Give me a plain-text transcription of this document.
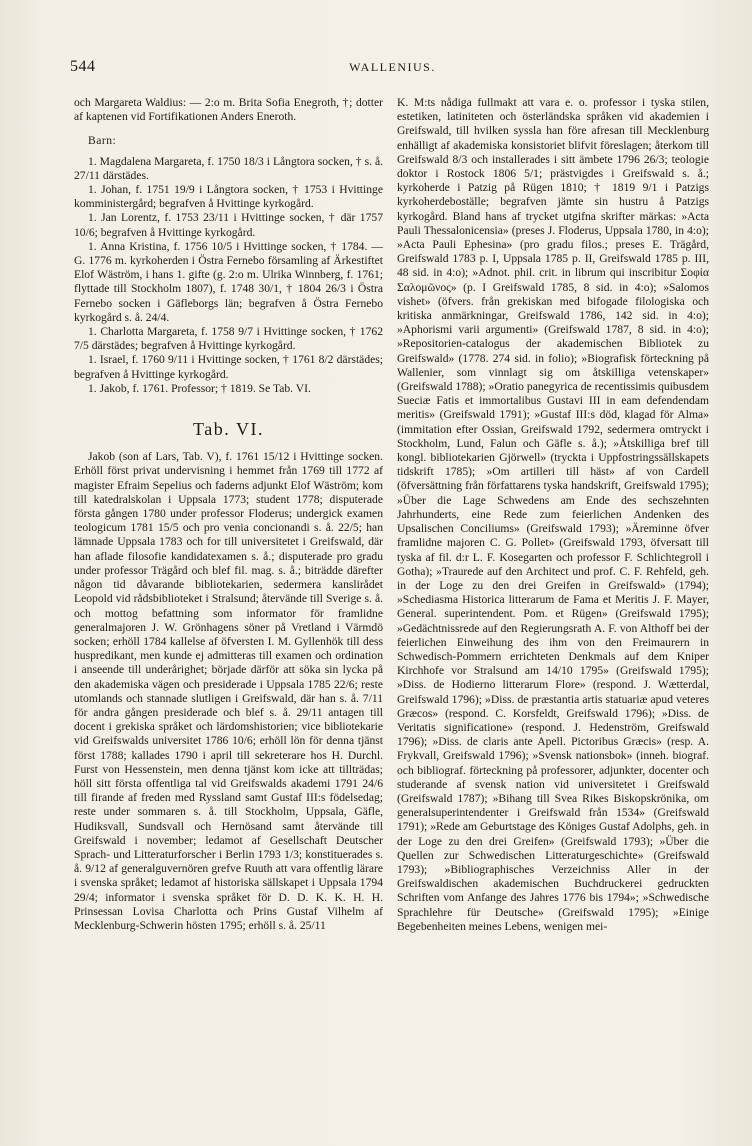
544	WALLENIUS.

och Margareta Waldius: — 2:o m. Brita Sofia Enegroth, †; dotter af kaptenen vid Fortifikationen Anders Eneroth.

Barn:

1. Magdalena Margareta, f. 1750 18/3 i Långtora socken, † s. å. 27/11 därstädes.

1. Johan, f. 1751 19/9 i Långtora socken, † 1753 i Hvittinge komministergård; begrafven å Hvittinge kyrkogård.

1. Jan Lorentz, f. 1753 23/11 i Hvittinge socken, † där 1757 10/6; begrafven å Hvittinge kyrkogård.

1. Anna Kristina, f. 1756 10/5 i Hvittinge socken, † 1784. — G. 1776 m. kyrkoherden i Östra Fernebo församling af Ärkestiftet Elof Wäström, i hans 1. gifte (g. 2:o m. Ulrika Winnberg, f. 1761; flyttade till Stockholm 1807), f. 1748 30/1, † 1804 26/3 i Östra Fernebo socken i Gäfleborgs län; begrafven å Östra Fernebo kyrkogård s. å. 24/4.

1. Charlotta Margareta, f. 1758 9/7 i Hvittinge socken, † 1762 7/5 därstädes; begrafven å Hvittinge kyrkogård.

1. Israel, f. 1760 9/11 i Hvittinge socken, † 1761 8/2 därstädes; begrafven å Hvittinge kyrkogård.

1. Jakob, f. 1761. Professor; † 1819. Se Tab. VI.

Tab. VI.

Jakob (son af Lars, Tab. V), f. 1761 15/12 i Hvittinge socken. Erhöll först privat undervisning i hemmet från 1769 till 1772 af magister Efraim Sepelius och faderns adjunkt Elof Wäström; kom till katedralskolan i Uppsala 1773; student 1778; disputerade första gången 1780 under professor Floderus; undergick examen teologicum 1781 15/5 och pro venia concionandi s. å. 22/5; han lämnade Uppsala 1783 och for till universitetet i Greifswald, där han aflade filosofie kandidatexamen s. å.; disputerade pro gradu under professor Trägård och blef fil. mag. s. å.; biträdde därefter någon tid dåvarande bibliotekarien, sedermera kanslirådet Leopold vid rådsbiblioteket i Stralsund; återvände till Sverige s. å. och mottog befattning som informator för framlidne generalmajoren J. W. Grönhagens söner på Vretland i Värmdö socken; erhöll 1784 kallelse af öfversten I. M. Gyllenhök till dess huspredikant, men kunde ej admitteras till examen och ordination i anseende till underårighet; började därför att söka sin lycka på den akademiska vägen och presiderade i Uppsala 1785 22/6; reste utomlands och stannade slutligen i Greifswald, där han s. å. 7/11 för andra gången presiderade och blef s. å. 29/11 antagen till docent i grekiska språket och lärdomshistorien; vice bibliotekarie vid Greifswalds universitet 1786 10/6; erhöll lön för denna tjänst först 1788; kallades 1790 i april till sekreterare hos H. Durchl. Furst von Hessenstein, men denna tjänst kom icke att tillträdas; höll sitt första offentliga tal vid Greifswalds akademi 1791 24/6 till firande af freden med Ryssland samt Gustaf III:s födelsedag; reste under sommaren s. å. till Stockholm, Uppsala, Gäfle, Hudiksvall, Sundsvall och Hernösand samt återvände till Greifswald i november; ledamot af Gesellschaft Deutscher Sprach- und Litteraturforscher i Berlin 1793 1/3; konstituerades s. å. 9/12 af generalguvernören grefve Ruuth att vara offentlig lärare i svenska språket; ledamot af historiska sällskapet i Uppsala 1794 29/4; informator i svenska språket för D. D. K. K. H. H. Prinsessan Lovisa Charlotta och Prins Gustaf Vilhelm af Mecklenburg-Schwerin hösten 1795; erhöll s. å. 25/11

K. M:ts nådiga fullmakt att vara e. o. professor i tyska stilen, estetiken, latiniteten och österländska språken vid akademien i Greifswald, till hvilken syssla han före afresan till Mecklenburg enhälligt af akademiska konsistoriet blifvit föreslagen; återkom till Greifswald 8/3 och installerades i sitt ämbete 1796 26/3; teologie doktor i Rostock 1806 5/1; prästvigdes i Greifswald s. å.; kyrkoherde i Patzig på Rügen 1810; † 1819 9/1 i Patzigs kyrkoherdeboställe; begrafven jämte sin hustru å Patzigs kyrkogård. Bland hans af trycket utgifna skrifter märkas: »Acta Pauli Thessalonicensia» (preses J. Floderus, Uppsala 1780, in 4:o); »Acta Pauli Ephesina» (pro gradu filos.; preses E. Trägård, Greifswald 1783 p. I, Uppsala 1785 p. II, Greifswald 1785 p. III, 48 sid. in 4:o); »Adnot. phil. crit. in librum qui inscribitur Σοφία Σαλομῶνος» (p. I Greifswald 1785, 8 sid. in 4:o); »Salomos vishet» (öfvers. från grekiskan med bifogade filologiska och kritiska anmärkningar, Greifswald 1786, 142 sid. in 4:o); »Aphorismi varii argumenti» (Greifswald 1787, 8 sid. in 4:o); »Repositorien-catalogus der akademischen Bibliotek zu Greifswald» (1778. 274 sid. in folio); »Biografisk förteckning på Wallenier, som vinnlagt sig om åtskilliga vetenskaper» (Greifswald 1788); »Oratio panegyrica de recentissimis quibusdem Sueciæ Fatis et immortalibus Gustavi III in eam defendendam meritis» (Greifswald 1791); »Gustaf III:s död, klagad för Alma» (immitation efter Ossian, Greifswald 1792, sedermera omtryckt i Stockholm, Lund, Falun och Gäfle s. å.); »Åtskilliga bref till kongl. bibliotekarien Gjörwell» (tryckta i Uppfostringssällskapets tidskrift 1785); »Om artilleri till häst» af von Cardell (öfversättning från författarens tyska handskrift, Greifswald 1795); »Über die Lage Schwedens am Ende des sechszehnten Jahrhunderts, eine Rede zum feierlichen Andenken des Upsalischen Conciliums» (Greifswald 1793); »Äreminne öfver framlidne majoren C. G. Pollet» (Greifswald 1793, öfversatt till tyska af fil. d:r L. F. Kosegarten och professor F. Schlichtegroll i Gotha); »Traurede auf den Architect und prof. C. F. Rehfeld, geh. in der Loge zu den drei Greifen in Greifswald» (1794); »Schediasma Historica litterarum de Fama et Meritis J. F. Mayer, General. superintendent. Pom. et Rügen» (Greifswald 1795); »Gedächtnissrede auf den Regierungsrath A. F. von Althoff bei der feierlichen Einweihung des ihm von den Freimaurern in Schwedisch-Pommern errichteten Denkmals auf dem Kniper Kirchhofe vor Stralsund am 14/10 1795» (Greifswald 1795); »Diss. de Hodierno litterarum Flore» (respond. J. Wætterdal, Greifswald 1796); »Diss. de præstantia artis statuariæ apud veteres Græcos» (respond. C. Korsfeldt, Greifswald 1796); »Diss. de Veritatis significatione» (respond. J. Hedenström, Greifswald 1796); »Diss. de claris ante Apell. Pictoribus Græcis» (resp. A. Frykvall, Greifswald 1796); »Svensk nationsbok» (inneh. biograf. och bibliograf. förteckning på professorer, adjunkter, docenter och studerande af svensk nation vid universitetet i Greifswald (Greifswald 1787); »Bihang till Svea Rikes Biskopskrönika, om generalsuperintendenter i Greifswald från 1534» (Greifswald 1791); »Rede am Geburtstage des Königes Gustaf Adolphs, geh. in der Loge zu den drei Greifen» (Greifswald 1793); »Über die Quellen zur Schwedischen Litteraturgeschichte» (Greifswald 1793); »Bibliographisches Verzeichniss Aller in der Greifswaldischen akademischen Buchdruckerei gedruckten Schriften vom Anfange des Jahres 1776 bis 1794»; »Schwedische Sprachlehre für Deutsche» (Greifswald 1795); »Einige Begebenheiten meines Lebens, wenigen mei-
